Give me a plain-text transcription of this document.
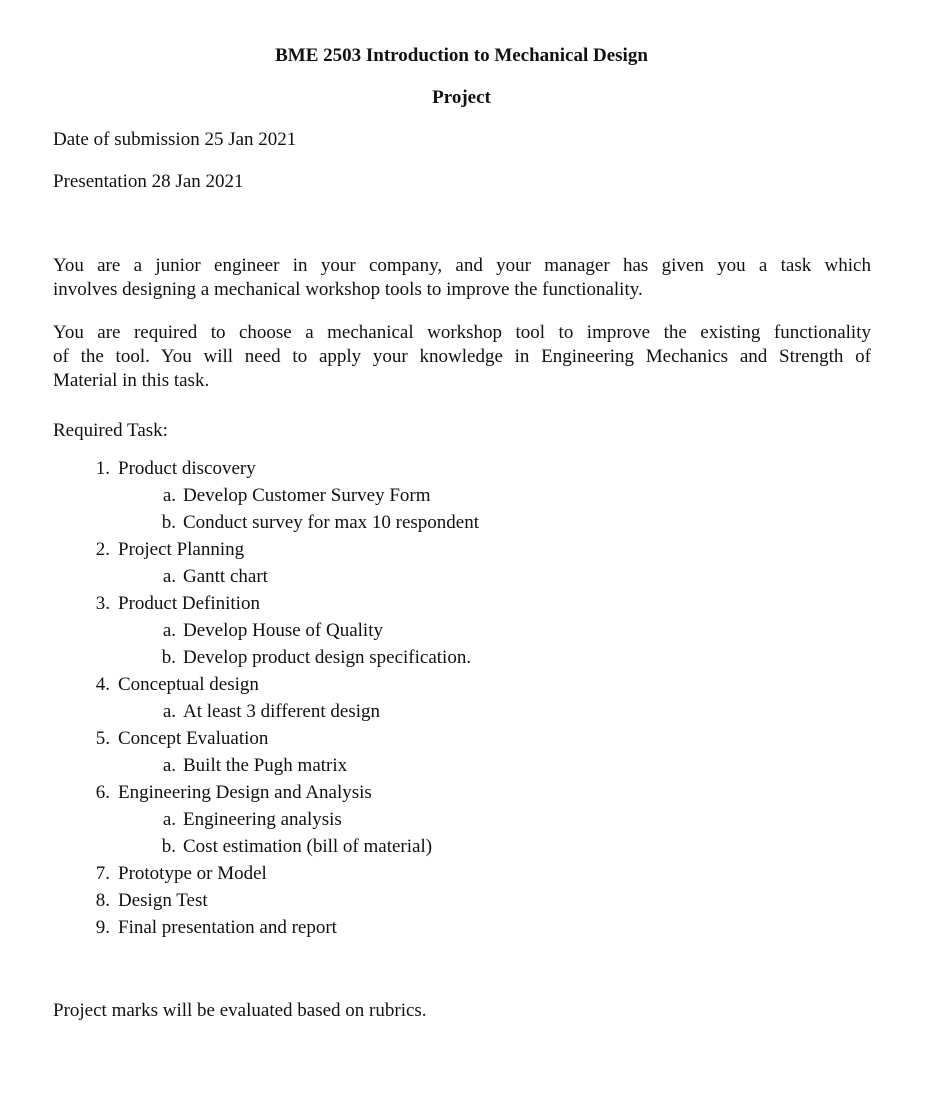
BME 2503 Introduction to Mechanical Design
Project
Date of submission 25 Jan 2021
Presentation 28 Jan 2021
You are a junior engineer in your company, and your manager has given you a task which
involves designing a mechanical workshop tools to improve the functionality.
You are required to choose a mechanical workshop tool to improve the existing functionality
of the tool. You will need to apply your knowledge in Engineering Mechanics and Strength of
Material in this task.
Required Task:
1. Product discovery
a. Develop Customer Survey Form
b. Conduct survey for max 10 respondent
2. Project Planning
a. Gantt chart
3. Product Definition
a. Develop House of Quality
b. Develop product design specification.
4. Conceptual design
a. At least 3 different design
5. Concept Evaluation
a. Built the Pugh matrix
6. Engineering Design and Analysis
a. Engineering analysis
b. Cost estimation (bill of material)
7. Prototype or Model
8. Design Test
9. Final presentation and report
Project marks will be evaluated based on rubrics.
